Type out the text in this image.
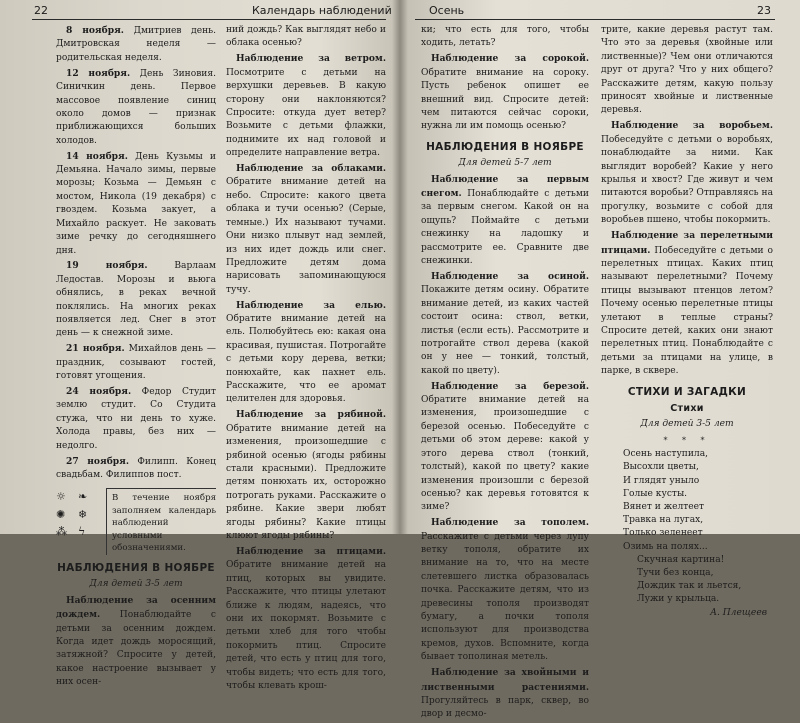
22	Календарь наблюдений

8 ноября. Дмитриев день. Дмитровская неделя — родительская неделя.

12 ноября. День Зиновия. Синичкин день. Первое массовое появление синиц около домов — признак приближающихся больших холодов.

14 ноября. День Кузьмы и Демьяна. Начало зимы, первые морозы; Козьма — Демьян с мостом, Никола (19 декабря) с гвоздем. Козьма закует, а Михайло раскует. Не заковать зиме речку до сегодняшнего дня.

19 ноября. Варлаам Ледостав. Морозы и вьюга обнялись, в реках вечной поклялись. На многих реках появляется лед. Снег в этот день — к снежной зиме.

21 ноября. Михайлов день — праздник, созывают гостей, готовят угощения.

24 ноября. Федор Студит землю студит. Со Студита стужа, что ни день то хуже. Холода правы, без них — недолго.

27 ноября. Филипп. Конец свадьбам. Филиппов пост.

☼	❧
✺	❄
⁂	ϟ
В течение ноября заполняем календарь наблюдений условными обозначениями.
НАБЛЮДЕНИЯ В НОЯБРЕ
Для детей 3-5 лет

Наблюдение за осенним дождем. Понаблюдайте с детьми за осенним дождем. Когда идет дождь моросящий, затяжной? Спросите у детей, какое настроение вызывает у них осен-

ний дождь? Как выглядят небо и облака осенью?

Наблюдение за ветром. Посмотрите с детьми на верхушки деревьев. В какую сторону они наклоняются? Спросите: откуда дует ветер? Возьмите с детьми флажки, поднимите их над головой и определите направление ветра.

Наблюдение за облаками. Обратите внимание детей на небо. Спросите: какого цвета облака и тучи осенью? (Серые, темные.) Их называют тучами. Они низко плывут над землей, из них идет дождь или снег. Предложите детям дома нарисовать запоминающуюся тучу.

Наблюдение за елью. Обратите внимание детей на ель. Полюбуйтесь ею: какая она красивая, пушистая. Потрогайте с детьми кору дерева, ветки; понюхайте, как пахнет ель. Расскажите, что ее аромат целителен для здоровья.

Наблюдение за рябиной. Обратите внимание детей на изменения, произошедшие с рябиной осенью (ягоды рябины стали красными). Предложите детям понюхать их, осторожно потрогать руками. Расскажите о рябине. Какие звери любят ягоды рябины? Какие птицы клюют ягоды рябины?

Наблюдение за птицами. Обратите внимание детей на птиц, которых вы увидите. Расскажите, что птицы улетают ближе к людям, надеясь, что они их покормят. Возьмите с детьми хлеб для того чтобы покормить птиц. Спросите детей, что есть у птиц для того, чтобы видеть; что есть для того, чтобы клевать крош-

Осень	23

ки; что есть для того, чтобы ходить, летать?

Наблюдение за сорокой. Обратите внимание на сороку. Пусть ребенок опишет ее внешний вид. Спросите детей: чем питаются сейчас сороки, нужна ли им помощь осенью?

НАБЛЮДЕНИЯ В НОЯБРЕ
Для детей 5-7 лет

Наблюдение за первым снегом. Понаблюдайте с детьми за первым снегом. Какой он на ощупь? Поймайте с детьми снежинку на ладошку и рассмотрите ее. Сравните две снежинки.

Наблюдение за осиной. Покажите детям осину. Обратите внимание детей, из каких частей состоит осина: ствол, ветки, листья (если есть). Рассмотрите и потрогайте ствол дерева (какой он у нее — тонкий, толстый, какой по цвету).

Наблюдение за березой. Обратите внимание детей на изменения, произошедшие с березой осенью. Побеседуйте с детьми об этом дереве: какой у этого дерева ствол (тонкий, толстый), какой по цвету? какие изменения произошли с березой осенью? как деревья готовятся к зиме?

Наблюдение за тополем. Расскажите с детьми через лупу ветку тополя, обратите их внимание на то, что на месте слетевшего листка образовалась почка. Расскажите детям, что из древесины тополя производят бумагу, а почки тополя используют для производства кремов, духов. Вспомните, когда бывает тополиная метель.

Наблюдение за хвойными и лиственными растениями. Прогуляйтесь в парк, сквер, во двор и десмо-

трите, какие деревья растут там. Что это за деревья (хвойные или лиственные)? Чем они отличаются друг от друга? Что у них общего? Расскажите детям, какую пользу приносят хвойные и лиственные деревья.

Наблюдение за воробьем. Побеседуйте с детьми о воробьях, понаблюдайте за ними. Как выглядит воробей? Какие у него крылья и хвост? Где живут и чем питаются воробьи? Отправляясь на прогулку, возьмите с собой для воробьев пшено, чтобы покормить.

Наблюдение за перелетными птицами. Побеседуйте с детьми о перелетных птицах. Каких птиц называют перелетными? Почему птицы вызывают птенцов летом? Почему осенью перелетные птицы улетают в теплые страны? Спросите детей, каких они знают перелетных птиц. Понаблюдайте с детьми за птицами на улице, в парке, в сквере.

СТИХИ И ЗАГАДКИ
Стихи
Для детей 3-5 лет
* * *
Осень наступила,
Высохли цветы,
И глядят уныло
Голые кусты.
Вянет и желтеет
Травка на лугах,
Только зеленеет
Озимь на полях...
Скучная картина!
Тучи без конца,
Дождик так и льется,
Лужи у крыльца.
А. Плещеев
